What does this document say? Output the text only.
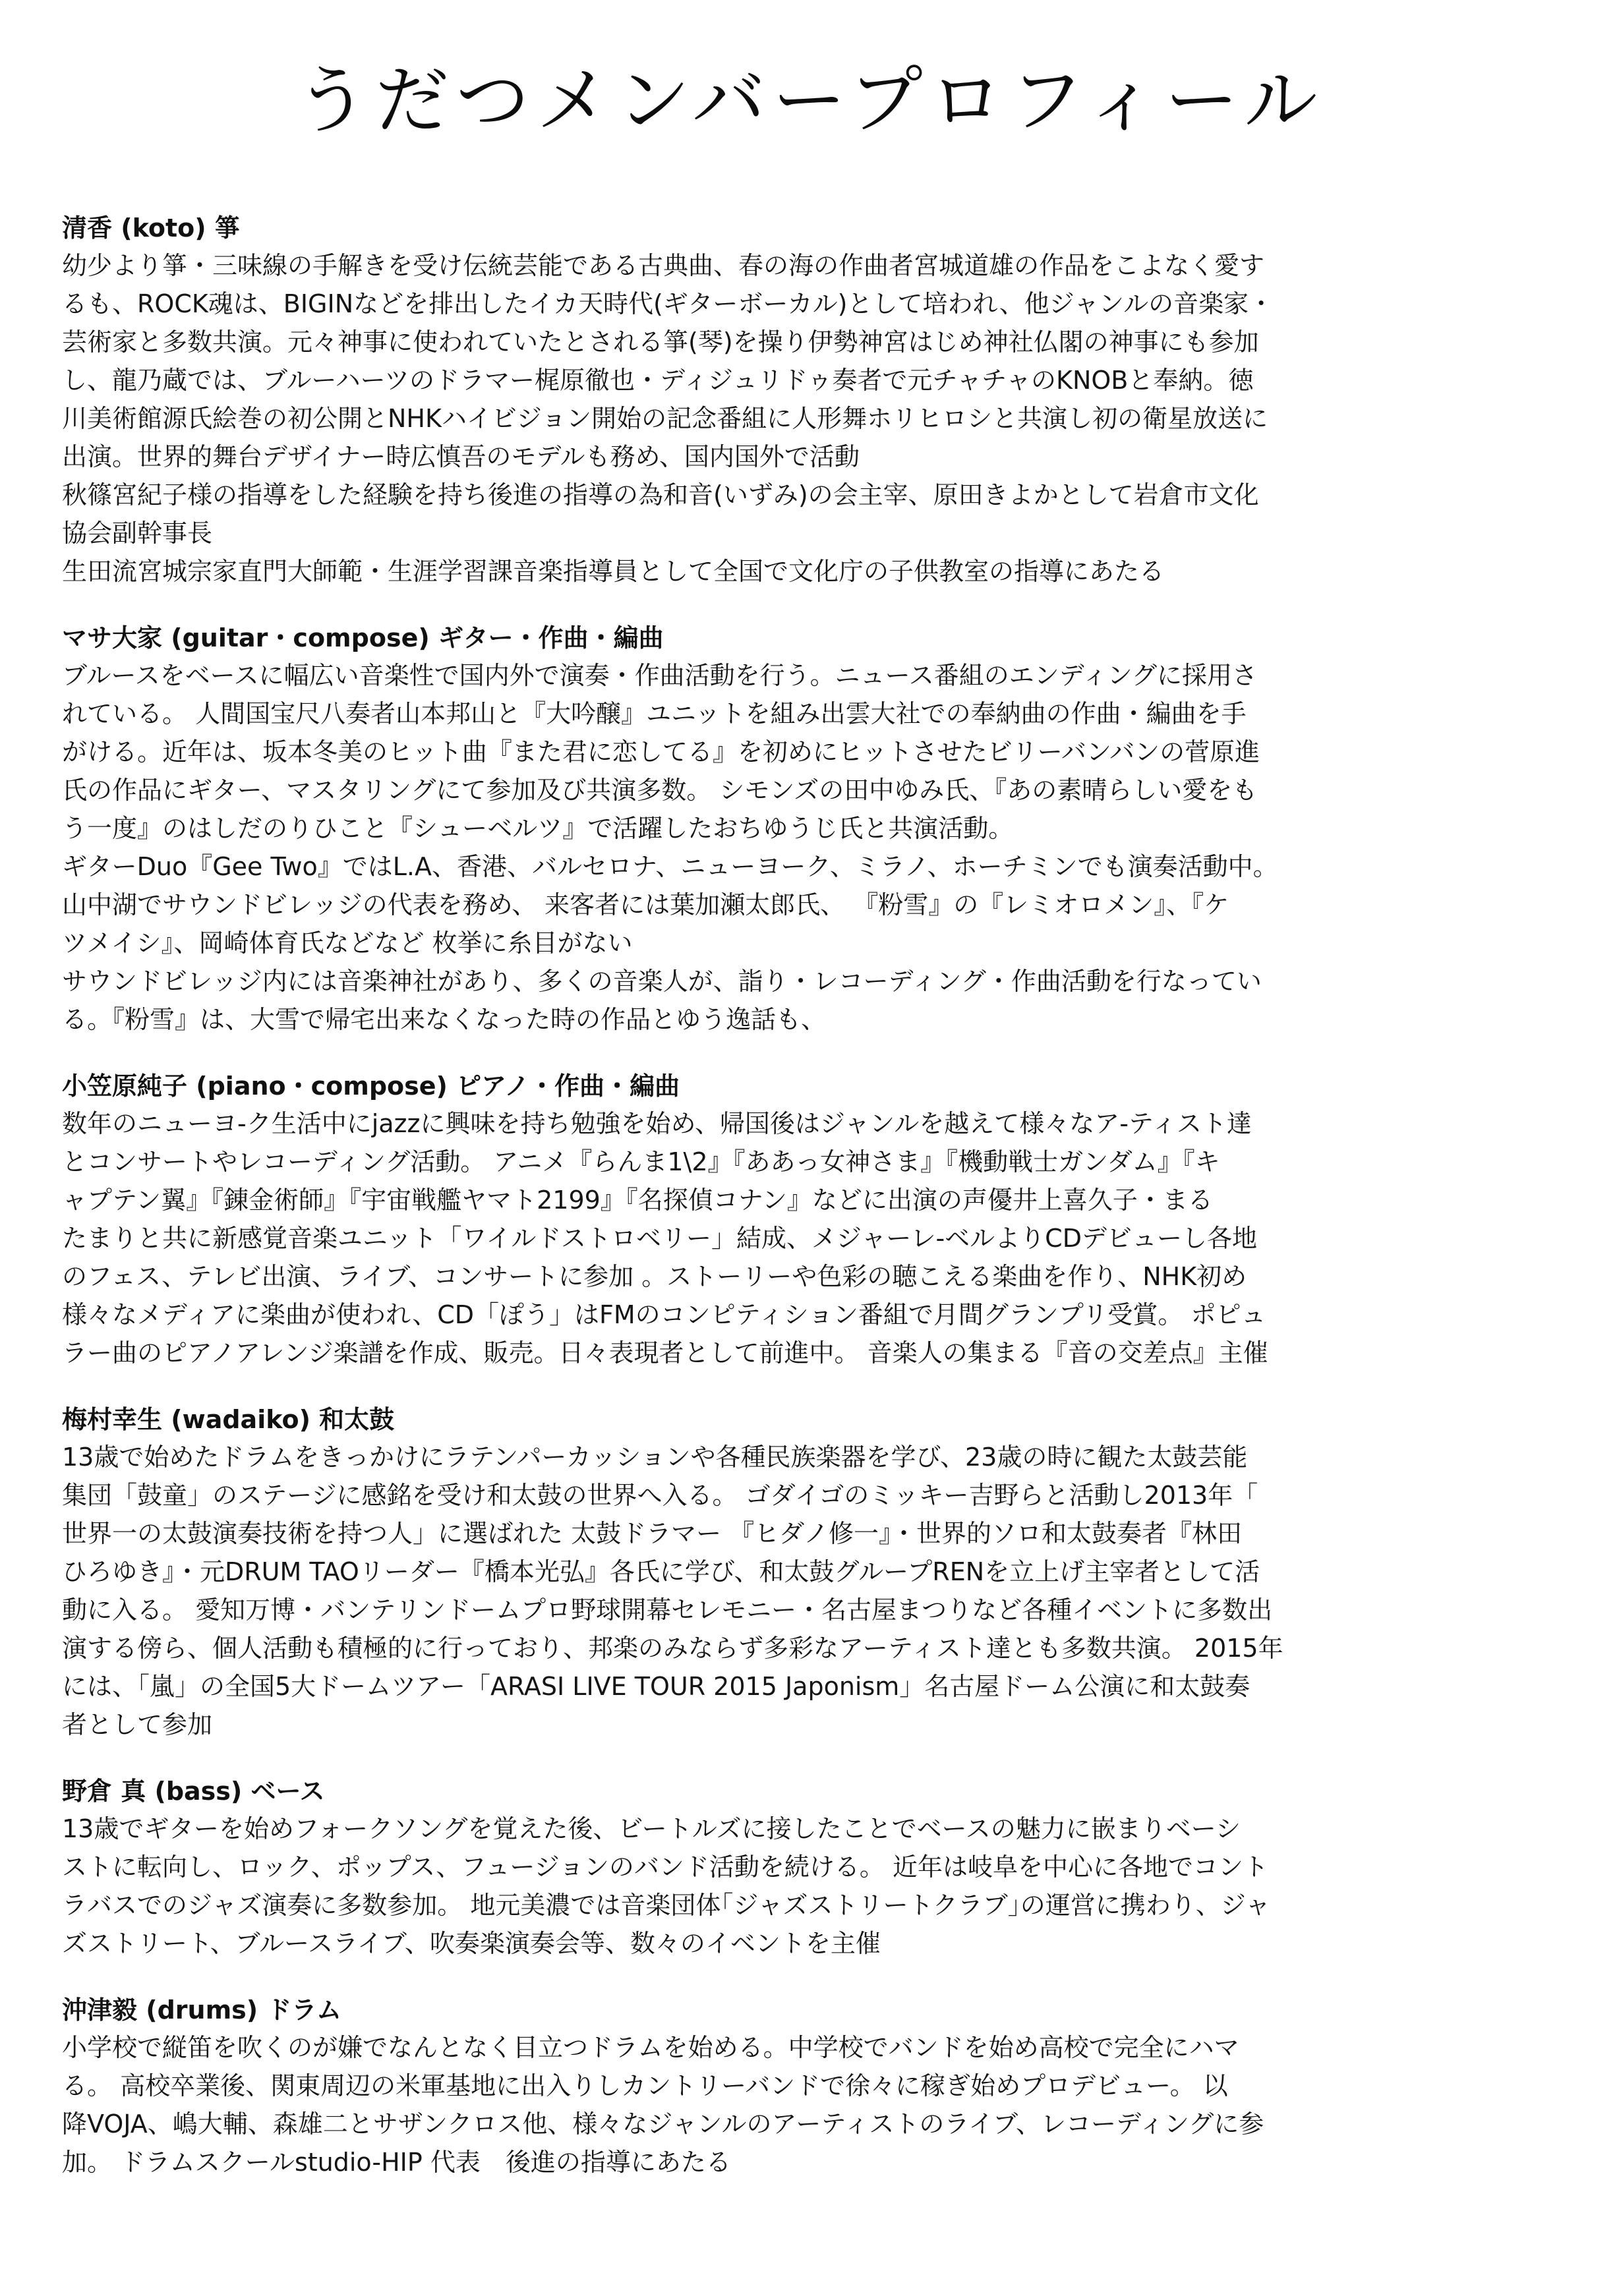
うだつメンバープロフィール
清香 (koto) 箏
幼少より箏・三味線の手解きを受け伝統芸能である古典曲、春の海の作曲者宮城道雄の作品をこよなく愛す
るも、ROCK魂は、BIGINなどを排出したイカ天時代(ギターボーカル)として培われ、他ジャンルの音楽家・
芸術家と多数共演。元々神事に使われていたとされる箏(琴)を操り伊勢神宮はじめ神社仏閣の神事にも参加
し、龍乃蔵では、ブルーハーツのドラマー梶原徹也・ディジュリドゥ奏者で元チャチャのKNOBと奉納。徳
川美術館源氏絵巻の初公開とNHKハイビジョン開始の記念番組に人形舞ホリヒロシと共演し初の衛星放送に
出演。世界的舞台デザイナー時広慎吾のモデルも務め、国内国外で活動
秋篠宮紀子様の指導をした経験を持ち後進の指導の為和音(いずみ)の会主宰、原田きよかとして岩倉市文化
協会副幹事長
生田流宮城宗家直門大師範・生涯学習課音楽指導員として全国で文化庁の子供教室の指導にあたる
マサ大家 (guitar・compose) ギター・作曲・編曲
ブルースをベースに幅広い音楽性で国内外で演奏・作曲活動を行う。ニュース番組のエンディングに採用さ
れている。 人間国宝尺八奏者山本邦山と『大吟醸』ユニットを組み出雲大社での奉納曲の作曲・編曲を手
がける。近年は、坂本冬美のヒット曲『また君に恋してる』を初めにヒットさせたビリーバンバンの菅原進
氏の作品にギター、マスタリングにて参加及び共演多数。 シモンズの田中ゆみ氏、『あの素晴らしい愛をも
う一度』のはしだのりひこと『シューベルツ』で活躍したおちゆうじ氏と共演活動。
ギターDuo『Gee Two』ではL.A、香港、バルセロナ、ニューヨーク、ミラノ、ホーチミンでも演奏活動中。
山中湖でサウンドビレッジの代表を務め、 来客者には葉加瀬太郎氏、 『粉雪』の『レミオロメン』、『ケ
ツメイシ』、岡崎体育氏などなど 枚挙に糸目がない
サウンドビレッジ内には音楽神社があり、多くの音楽人が、詣り・レコーディング・作曲活動を行なってい
る。『粉雪』は、大雪で帰宅出来なくなった時の作品とゆう逸話も、
小笠原純子 (piano・compose) ピアノ・作曲・編曲
数年のニューヨ-ク生活中にjazzに興味を持ち勉強を始め、帰国後はジャンルを越えて様々なア-ティスト達
とコンサートやレコーディング活動。 アニメ『らんま1\2』『ああっ女神さま』『機動戦士ガンダム』『キ
ャプテン翼』『錬金術師』『宇宙戦艦ヤマト2199』『名探偵コナン』などに出演の声優井上喜久子・まる
たまりと共に新感覚音楽ユニット「ワイルドストロベリー」結成、メジャーレ-ベルよりCDデビューし各地
のフェス、テレビ出演、ライブ、コンサートに参加 。ストーリーや色彩の聴こえる楽曲を作り、NHK初め
様々なメディアに楽曲が使われ、CD「ぽう」はFMのコンピティション番組で月間グランプリ受賞。 ポピュ
ラー曲のピアノアレンジ楽譜を作成、販売。日々表現者として前進中。 音楽人の集まる『音の交差点』主催
梅村幸生 (wadaiko) 和太鼓
13歳で始めたドラムをきっかけにラテンパーカッションや各種民族楽器を学び、23歳の時に観た太鼓芸能
集団「鼓童」のステージに感銘を受け和太鼓の世界へ入る。 ゴダイゴのミッキー吉野らと活動し2013年「
世界一の太鼓演奏技術を持つ人」に選ばれた 太鼓ドラマー 『ヒダノ修一』・世界的ソロ和太鼓奏者『林田
ひろゆき』・元DRUM TAOリーダー『橋本光弘』各氏に学び、和太鼓グループRENを立上げ主宰者として活
動に入る。 愛知万博・バンテリンドームプロ野球開幕セレモニー・名古屋まつりなど各種イベントに多数出
演する傍ら、個人活動も積極的に行っており、邦楽のみならず多彩なアーティスト達とも多数共演。 2015年
には、「嵐」の全国5大ドームツアー「ARASI LIVE TOUR 2015 Japonism」名古屋ドーム公演に和太鼓奏
者として参加
野倉 真 (bass) ベース
13歳でギターを始めフォークソングを覚えた後、ビートルズに接したことでベースの魅力に嵌まりベーシ
ストに転向し、ロック、ポップス、フュージョンのバンド活動を続ける。 近年は岐阜を中心に各地でコント
ラバスでのジャズ演奏に多数参加。 地元美濃では音楽団体｢ジャズストリートクラブ｣の運営に携わり、ジャ
ズストリート、ブルースライブ、吹奏楽演奏会等、数々のイベントを主催
沖津毅 (drums) ドラム
小学校で縦笛を吹くのが嫌でなんとなく目立つドラムを始める。中学校でバンドを始め高校で完全にハマ
る。 高校卒業後、関東周辺の米軍基地に出入りしカントリーバンドで徐々に稼ぎ始めプロデビュー。 以
降VOJA、嶋大輔、森雄二とサザンクロス他、様々なジャンルのアーティストのライブ、レコーディングに参
加。 ドラムスクールstudio-HIP 代表　後進の指導にあたる
